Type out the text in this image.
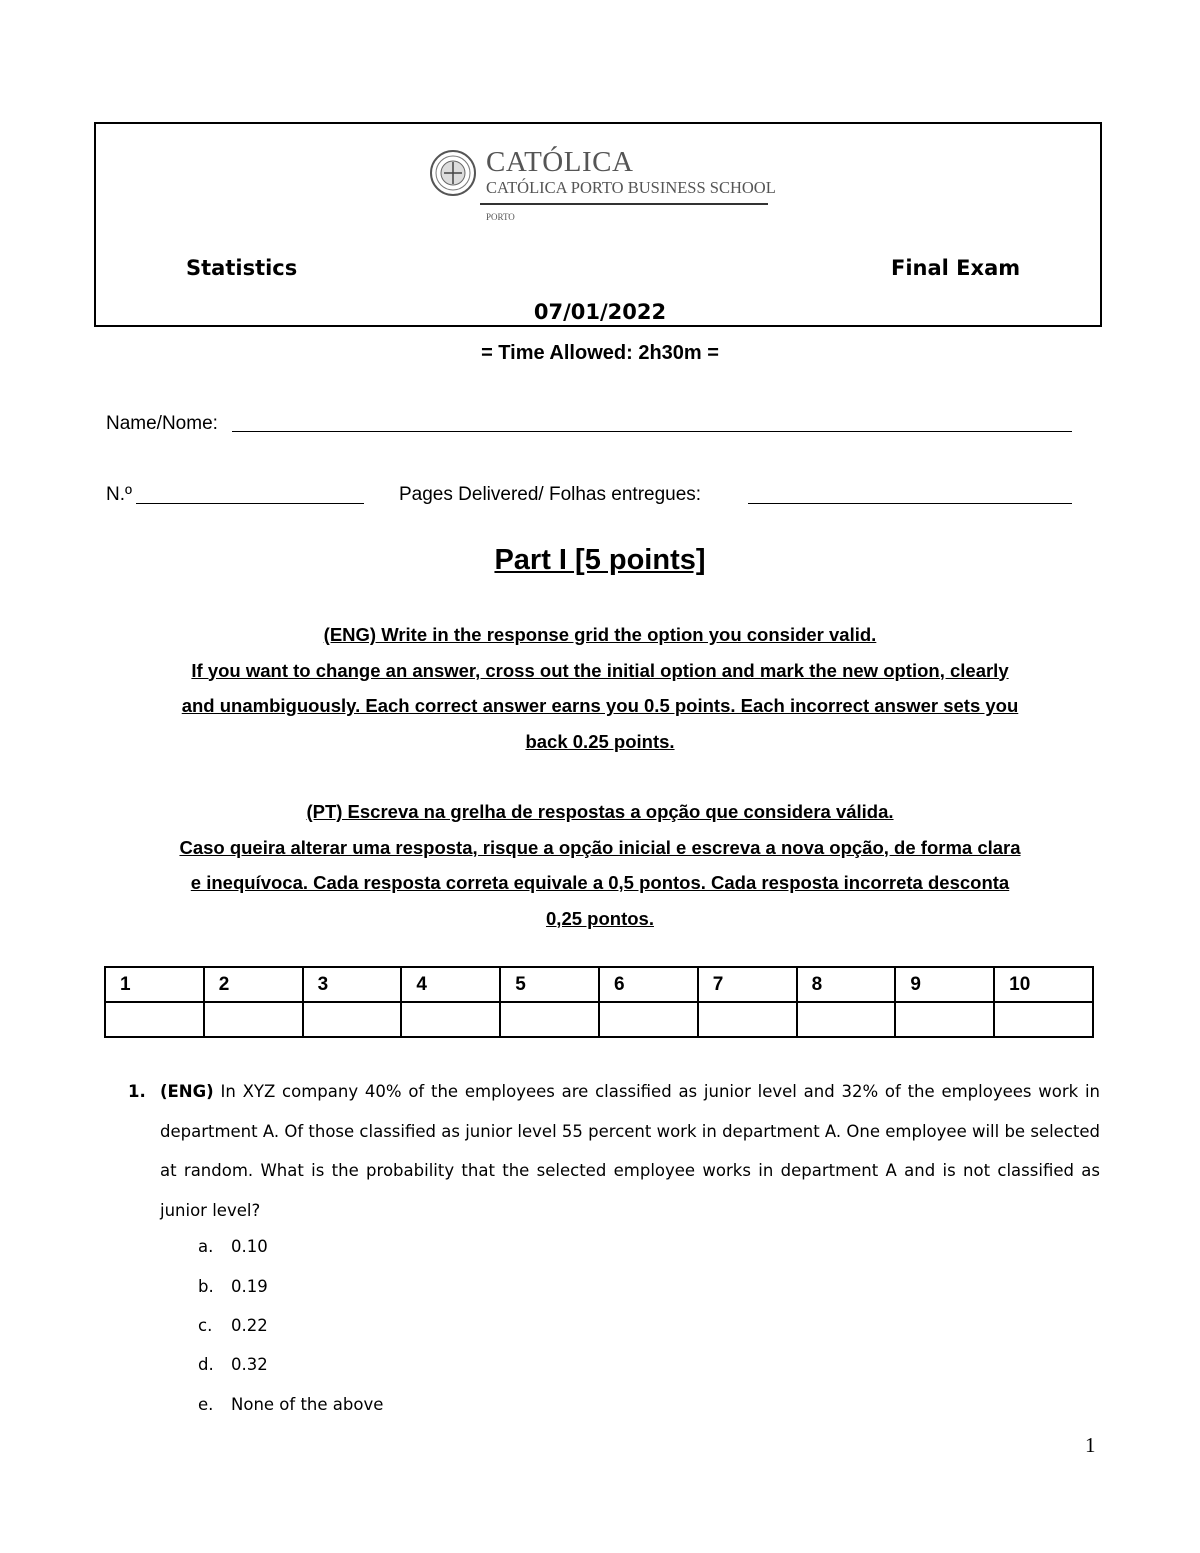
CATÓLICA
CATÓLICA PORTO BUSINESS SCHOOL
PORTO
Statistics	Final Exam
07/01/2022
= Time Allowed: 2h30m =
Name/Nome:
N.º	Pages Delivered/ Folhas entregues:
Part I [5 points]
(ENG) Write in the response grid the option you consider valid.
If you want to change an answer, cross out the initial option and mark the new option, clearly
and unambiguously. Each correct answer earns you 0.5 points. Each incorrect answer sets you
back 0.25 points.
(PT) Escreva na grelha de respostas a opção que considera válida.
Caso queira alterar uma resposta, risque a opção inicial e escreva a nova opção, de forma clara
e inequívoca. Cada resposta correta equivale a 0,5 pontos. Cada resposta incorreta desconta
0,25 pontos.
1	2	3	4	5	6	7	8	9	10

1. (ENG) In XYZ company 40% of the employees are classified as junior level and 32% of the employees work in department A. Of those classified as junior level 55 percent work in department A. One employee will be selected at random. What is the probability that the selected employee works in department A and is not classified as junior level?
a. 0.10
b. 0.19
c. 0.22
d. 0.32
e. None of the above
1
